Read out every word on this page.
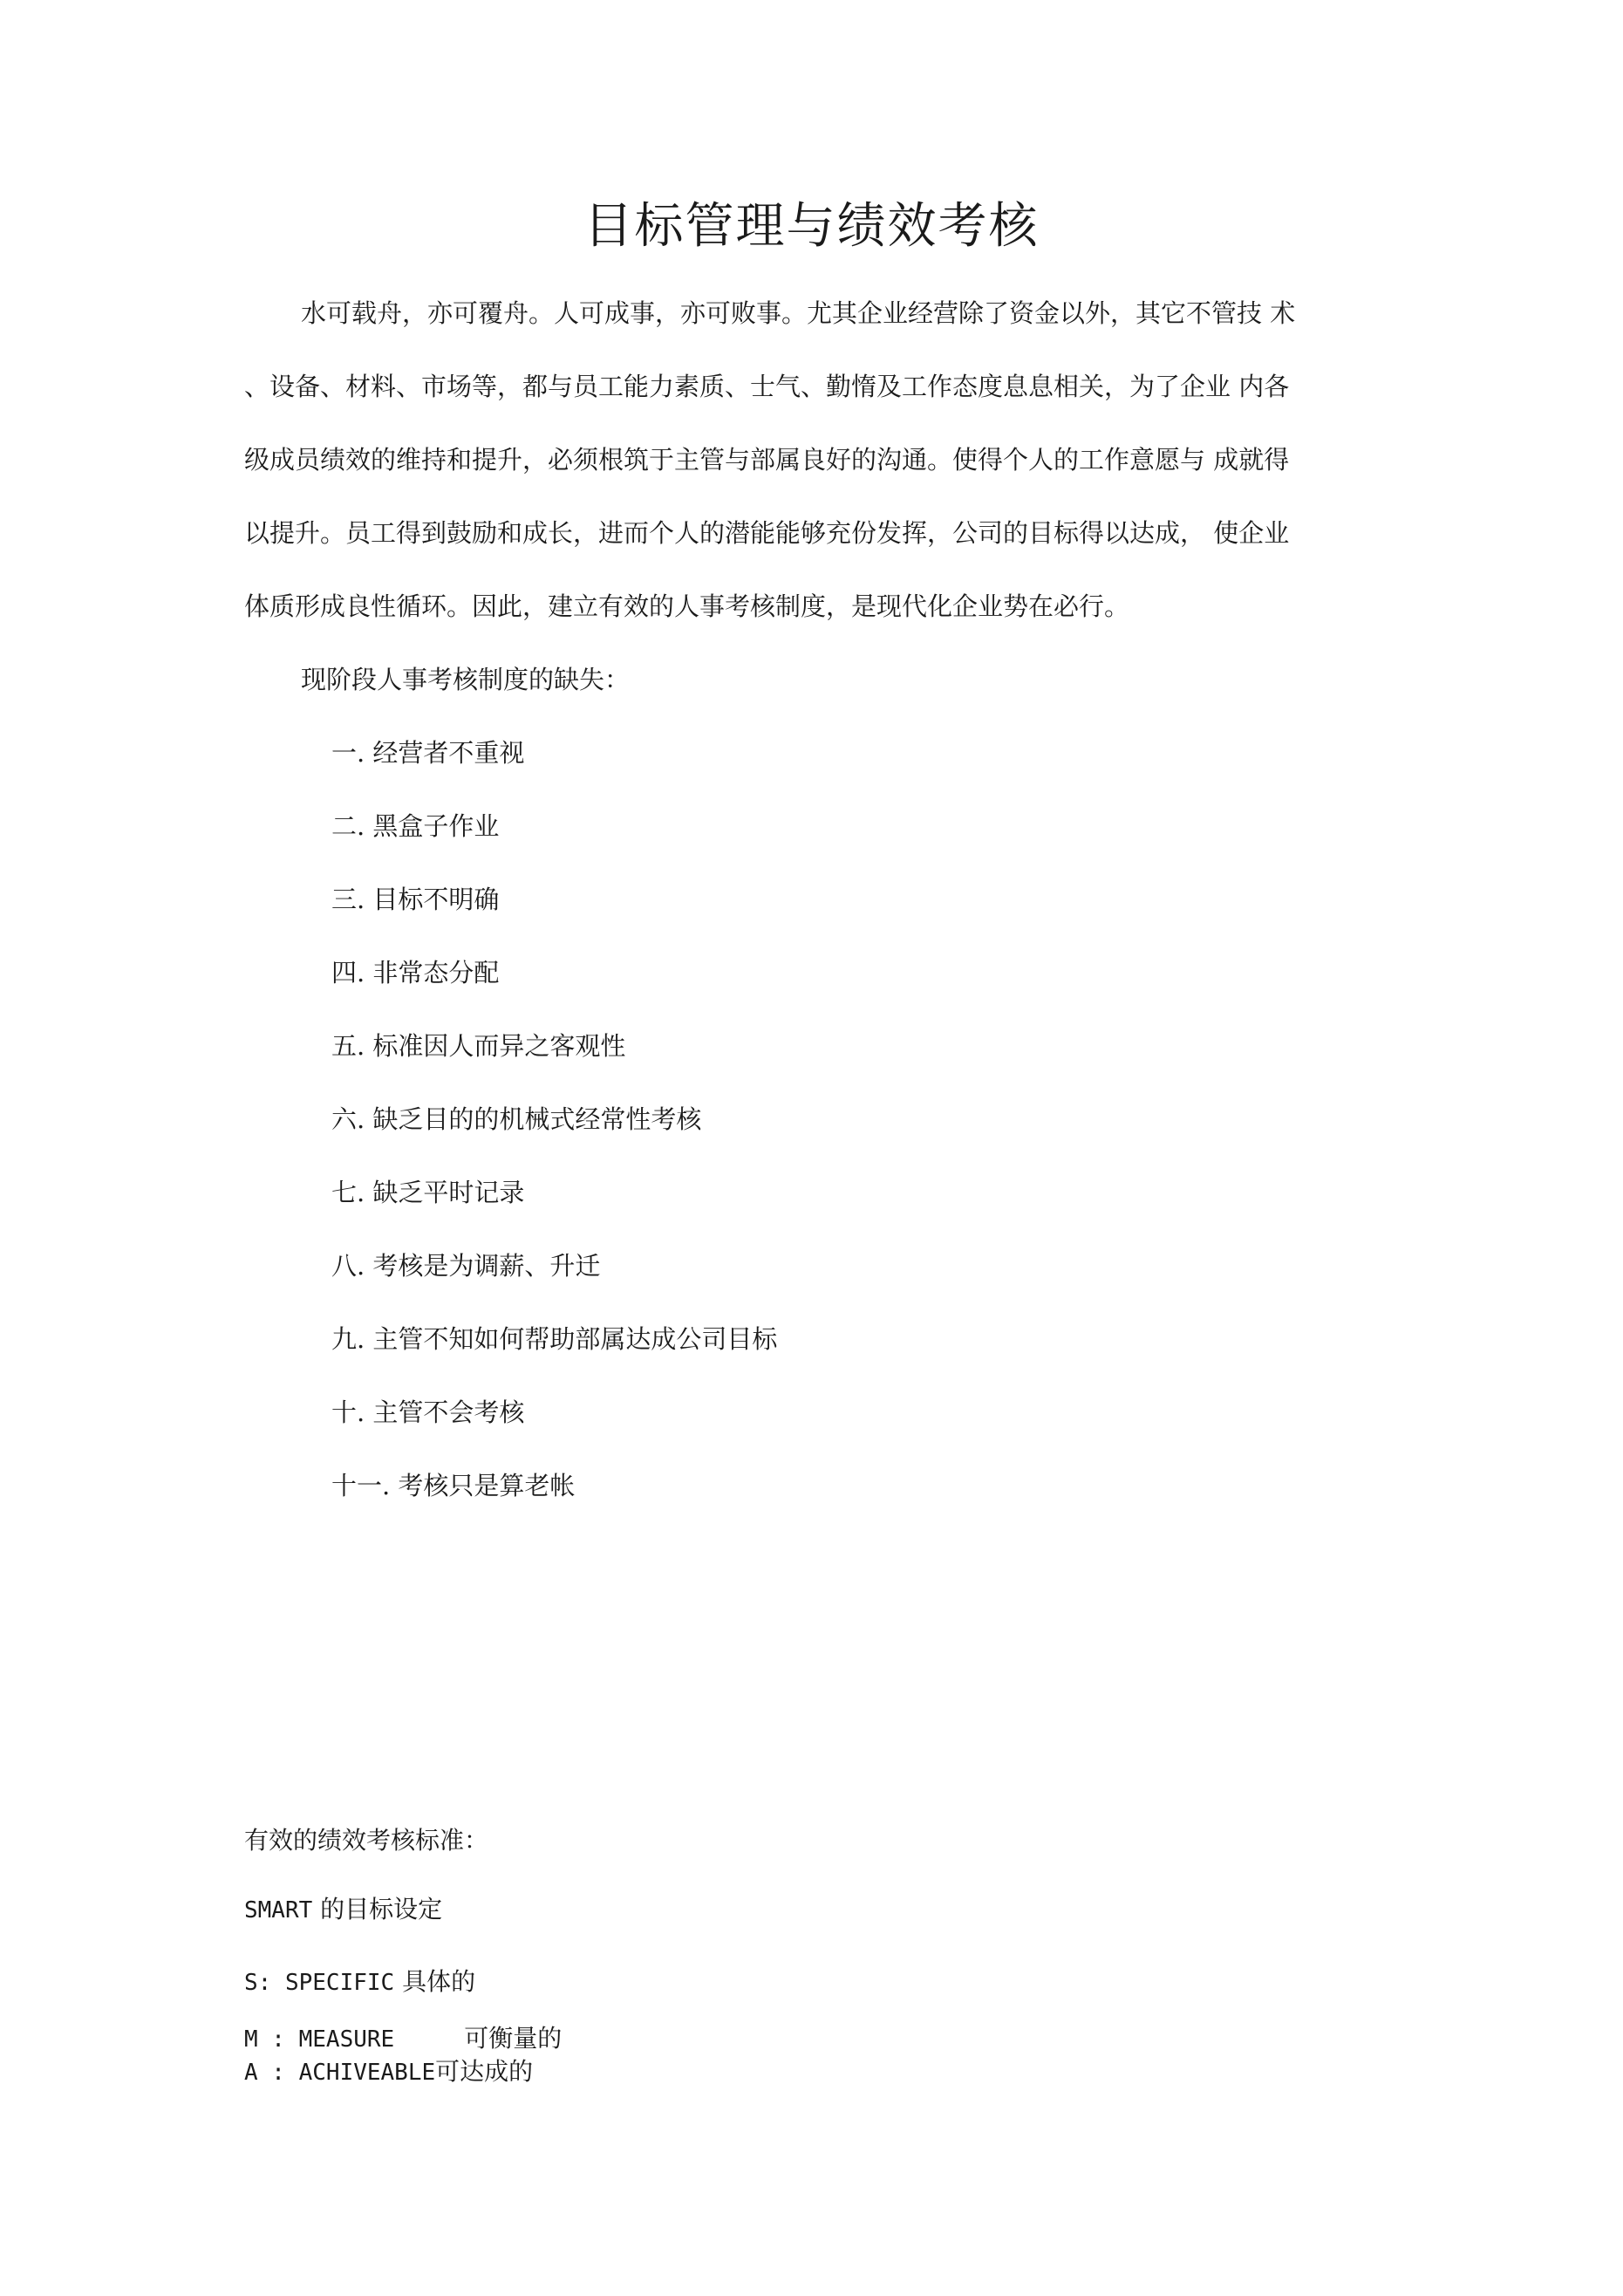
目标管理与绩效考核

水可载舟，亦可覆舟。人可成事，亦可败事。尤其企业经营除了资金以外，其它不管技 术

、设备、材料、市场等，都与员工能力素质、士气、勤惰及工作态度息息相关，为了企业 内各

级成员绩效的维持和提升，必须根筑于主管与部属良好的沟通。使得个人的工作意愿与 成就得

以提升。员工得到鼓励和成长，进而个人的潜能能够充份发挥，公司的目标得以达成， 使企业

体质形成良性循环。因此，建立有效的人事考核制度，是现代化企业势在必行。

现阶段人事考核制度的缺失：

一. 经营者不重视

二. 黑盒子作业

三. 目标不明确

四. 非常态分配

五. 标准因人而异之客观性

六. 缺乏目的的机械式经常性考核

七. 缺乏平时记录

八. 考核是为调薪、升迁

九. 主管不知如何帮助部属达成公司目标

十. 主管不会考核

十一. 考核只是算老帐

有效的绩效考核标准：

SMART 的目标设定

S: SPECIFIC 具体的

M : MEASURE	可衡量的

A : ACHIVEABLE可达成的
